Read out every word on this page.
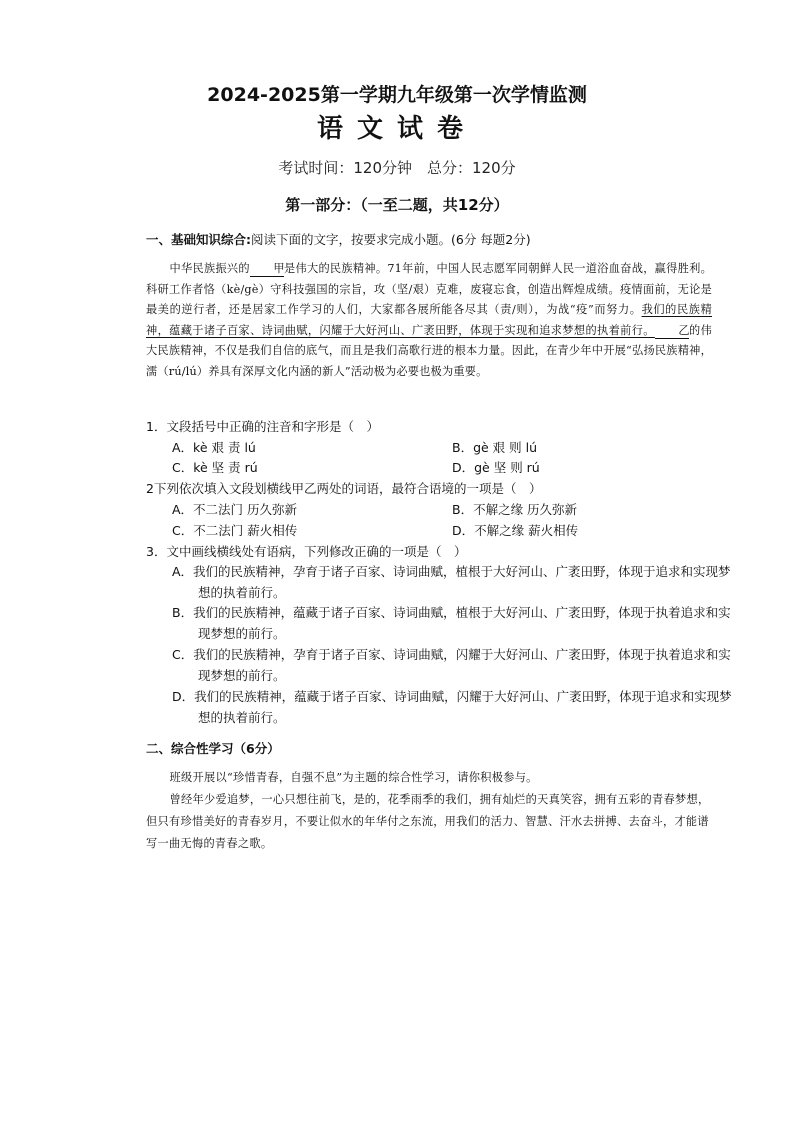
2024-2025第一学期九年级第一次学情监测
语文试卷
考试时间：120分钟　总分：120分
第一部分：（一至二题，共12分）
一、基础知识综合:阅读下面的文字，按要求完成小题。(6分 每题2分)

中华民族振兴的 甲是伟大的民族精神。71年前，中国人民志愿军同朝鲜人民一道浴血奋战，赢得胜利。科研工作者恪（kè/gè）守科技强国的宗旨，攻（坚/艰）克难，废寝忘食，创造出辉煌成绩。疫情面前，无论是最美的逆行者，还是居家工作学习的人们，大家都各展所能各尽其（责/则），为战“疫”而努力。我们的民族精神，蕴藏于诸子百家、诗词曲赋，闪耀于大好河山、广袤田野，体现于实现和追求梦想的执着前行。 乙的伟大民族精神，不仅是我们自信的底气，而且是我们高歌行进的根本力量。因此，在青少年中开展“弘扬民族精神，濡（rú/lú）养具有深厚文化内涵的新人”活动极为必要也极为重要。

1．文段括号中正确的注音和字形是（　）
A．kè 艰 责 lú	B．gè 艰 则 lú
C．kè 坚 责 rú	D．gè 坚 则 rú
2下列依次填入文段划横线甲乙两处的词语，最符合语境的一项是（　）
A．不二法门 历久弥新	B．不解之缘 历久弥新
C．不二法门 薪火相传	D．不解之缘 薪火相传
3．文中画线横线处有语病，下列修改正确的一项是（　）
A．我们的民族精神，孕育于诸子百家、诗词曲赋，植根于大好河山、广袤田野，体现于追求和实现梦想的执着前行。
B．我们的民族精神，蕴藏于诸子百家、诗词曲赋，植根于大好河山、广袤田野，体现于执着追求和实现梦想的前行。
C．我们的民族精神，孕育于诸子百家、诗词曲赋，闪耀于大好河山、广袤田野，体现于执着追求和实现梦想的前行。
D．我们的民族精神，蕴藏于诸子百家、诗词曲赋，闪耀于大好河山、广袤田野，体现于追求和实现梦想的执着前行。
二、综合性学习（6分）

班级开展以“珍惜青春，自强不息”为主题的综合性学习，请你积极参与。

曾经年少爱追梦，一心只想往前飞，是的，花季雨季的我们，拥有灿烂的天真笑容，拥有五彩的青春梦想，但只有珍惜美好的青春岁月，不要让似水的年华付之东流，用我们的活力、智慧、汗水去拼搏、去奋斗，才能谱写一曲无悔的青春之歌。
